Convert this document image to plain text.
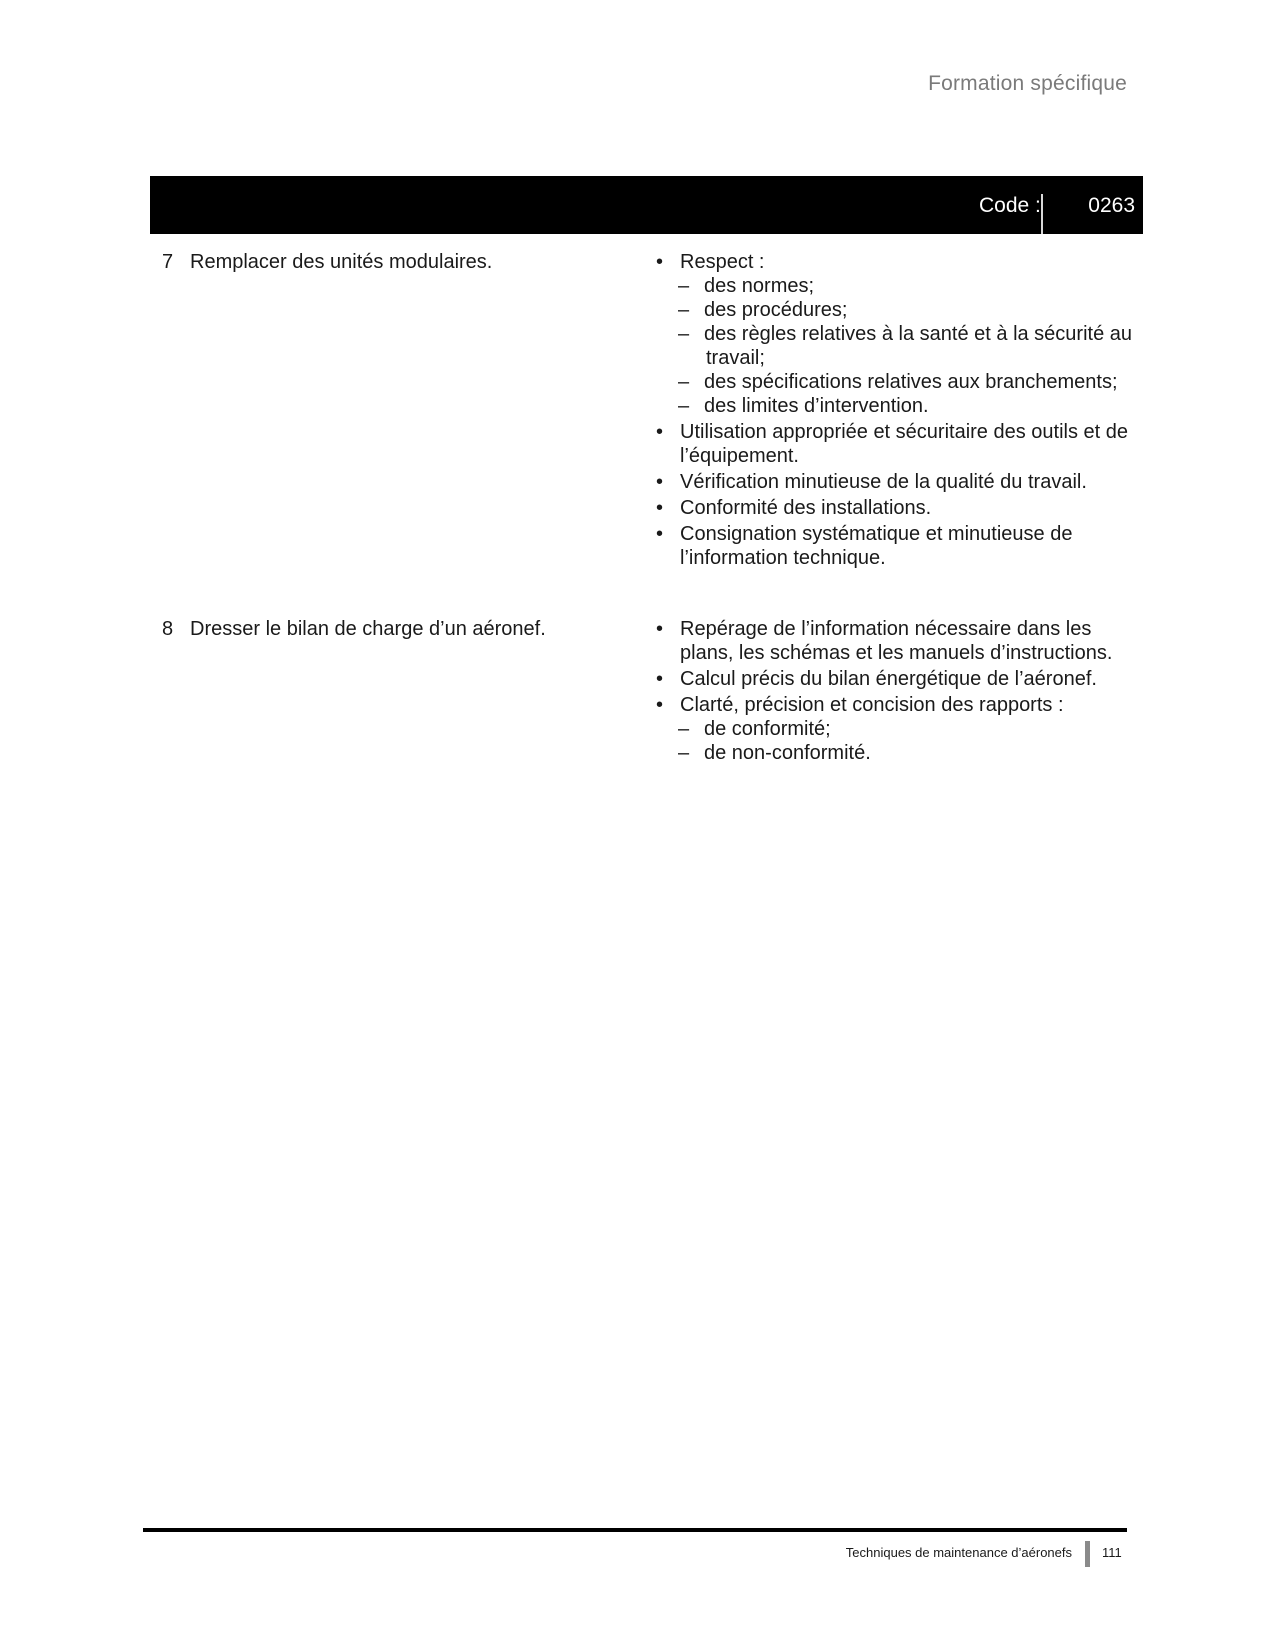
Formation spécifique
Code : 0263
7 Remplacer des unités modulaires.	• Respect :
– des normes;
– des procédures;
– des règles relatives à la santé et à la sécurité au travail;
– des spécifications relatives aux branchements;
– des limites d’intervention.
• Utilisation appropriée et sécuritaire des outils et de l’équipement.
• Vérification minutieuse de la qualité du travail.
• Conformité des installations.
• Consignation systématique et minutieuse de l’information technique.
8 Dresser le bilan de charge d’un aéronef.	• Repérage de l’information nécessaire dans les plans, les schémas et les manuels d’instructions.
• Calcul précis du bilan énergétique de l’aéronef.
• Clarté, précision et concision des rapports :
– de conformité;
– de non-conformité.
Techniques de maintenance d’aéronefs 111
